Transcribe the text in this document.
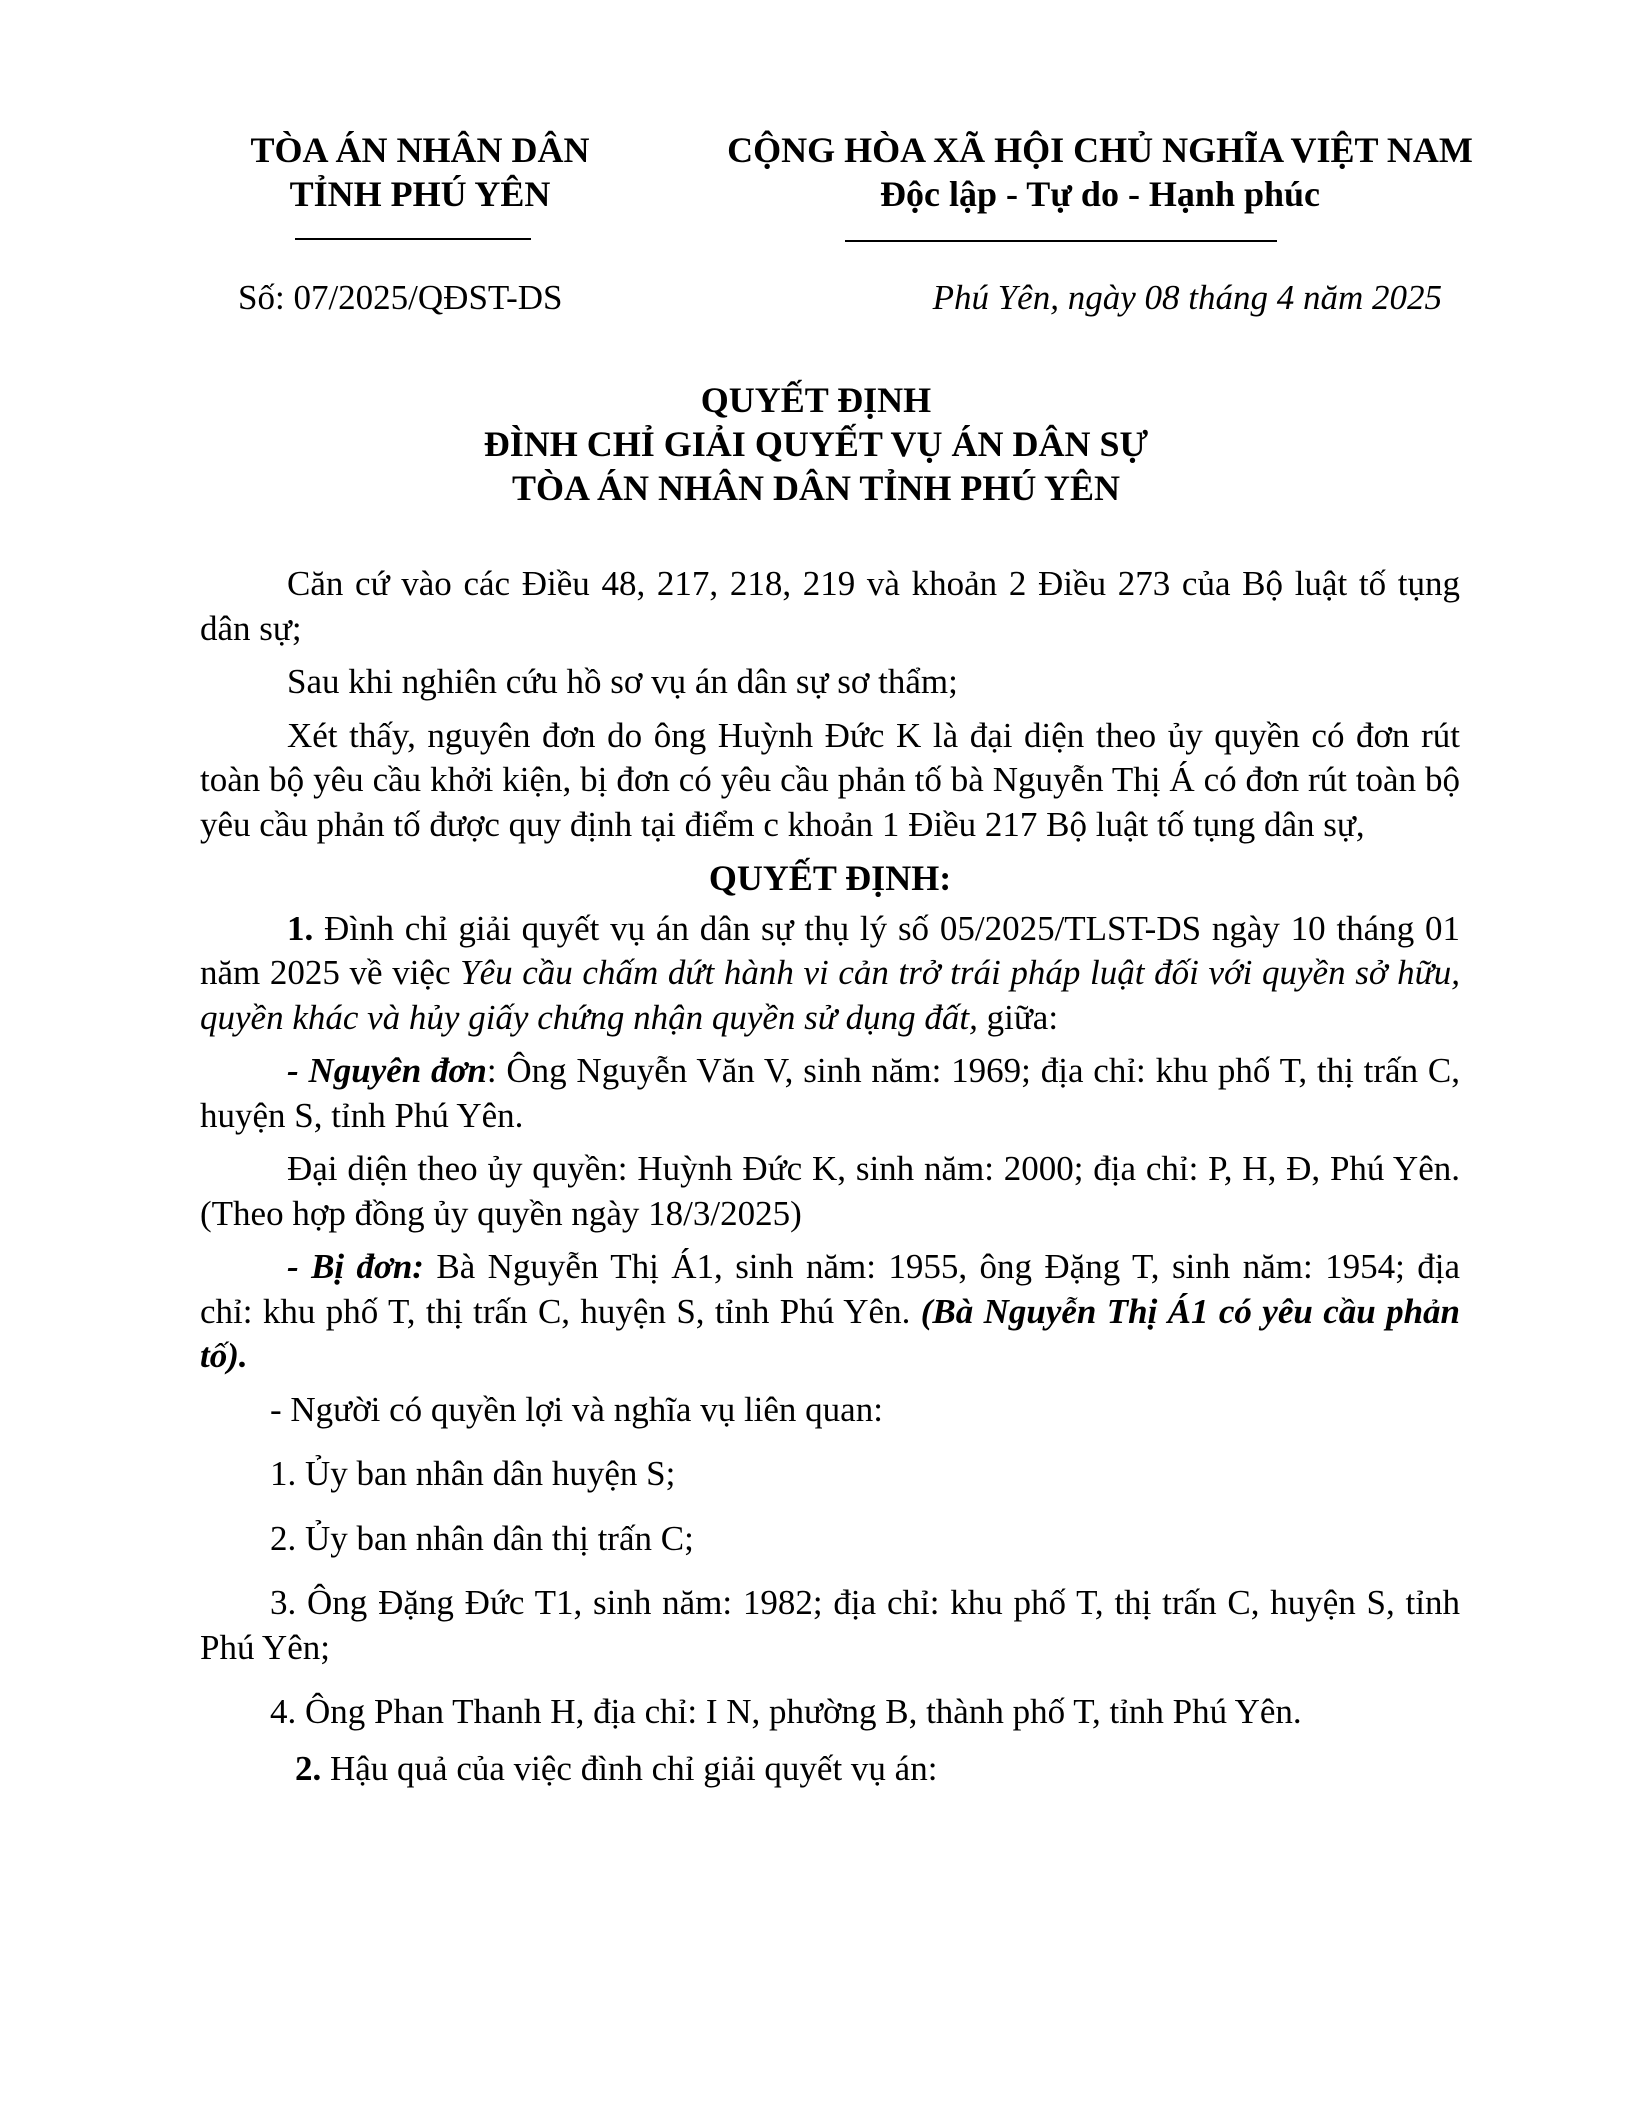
TÒA ÁN NHÂN DÂN
TỈNH PHÚ YÊN
CỘNG HÒA XÃ HỘI CHỦ NGHĨA VIỆT NAM
Độc lập - Tự do - Hạnh phúc
Số: 07/2025/QĐST-DS	Phú Yên, ngày 08 tháng 4 năm 2025
QUYẾT ĐỊNH
ĐÌNH CHỈ GIẢI QUYẾT VỤ ÁN DÂN SỰ
TÒA ÁN NHÂN DÂN TỈNH PHÚ YÊN

Căn cứ vào các Điều 48, 217, 218, 219 và khoản 2 Điều 273 của Bộ luật tố tụng dân sự;

Sau khi nghiên cứu hồ sơ vụ án dân sự sơ thẩm;

Xét thấy, nguyên đơn do ông Huỳnh Đức K là đại diện theo ủy quyền có đơn rút toàn bộ yêu cầu khởi kiện, bị đơn có yêu cầu phản tố bà Nguyễn Thị Á có đơn rút toàn bộ yêu cầu phản tố được quy định tại điểm c khoản 1 Điều 217 Bộ luật tố tụng dân sự,

QUYẾT ĐỊNH:

1. Đình chỉ giải quyết vụ án dân sự thụ lý số 05/2025/TLST-DS ngày 10 tháng 01 năm 2025 về việc Yêu cầu chấm dứt hành vi cản trở trái pháp luật đối với quyền sở hữu, quyền khác và hủy giấy chứng nhận quyền sử dụng đất, giữa:

- Nguyên đơn: Ông Nguyễn Văn V, sinh năm: 1969; địa chỉ: khu phố T, thị trấn C, huyện S, tỉnh Phú Yên.

Đại diện theo ủy quyền: Huỳnh Đức K, sinh năm: 2000; địa chỉ: P, H, Đ, Phú Yên. (Theo hợp đồng ủy quyền ngày 18/3/2025)

- Bị đơn: Bà Nguyễn Thị Á1, sinh năm: 1955, ông Đặng T, sinh năm: 1954; địa chỉ: khu phố T, thị trấn C, huyện S, tỉnh Phú Yên. (Bà Nguyễn Thị Á1 có yêu cầu phản tố).

- Người có quyền lợi và nghĩa vụ liên quan:

1. Ủy ban nhân dân huyện S;

2. Ủy ban nhân dân thị trấn C;

3. Ông Đặng Đức T1, sinh năm: 1982; địa chỉ: khu phố T, thị trấn C, huyện S, tỉnh Phú Yên;

4. Ông Phan Thanh H, địa chỉ: I N, phường B, thành phố T, tỉnh Phú Yên.

2. Hậu quả của việc đình chỉ giải quyết vụ án:
